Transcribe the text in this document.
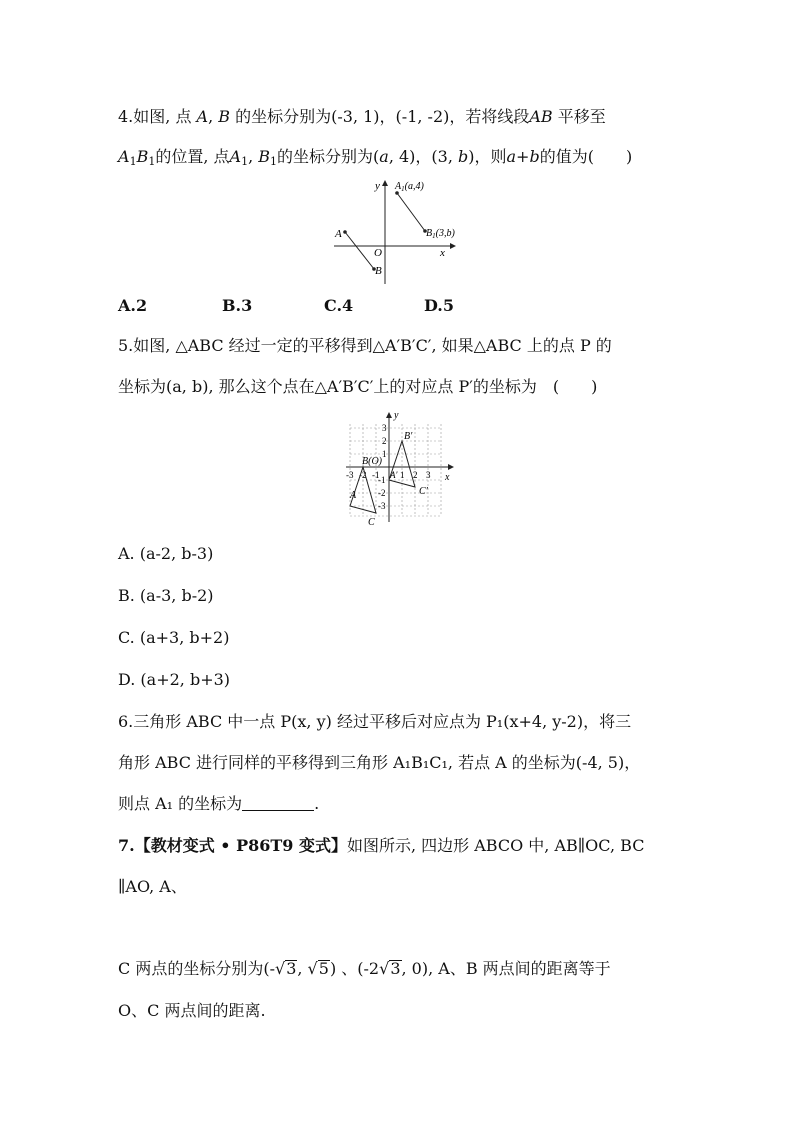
4.如图, 点 A, B 的坐标分别为(-3, 1)，(-1, -2)，若将线段AB 平移至
$A_1B_1$的位置, 点$A_1$, $B_1$的坐标分别为(a, 4)，(3, b)，则a+b的值为(　　)
y
x
O
A
B
$A_1(a,4)$
$B_1(3,b)$
A.2	B.3	C.4	D.5
5.如图, △ABC 经过一定的平移得到△A′B′C′, 如果△ABC 上的点 P 的
坐标为(a, b), 那么这个点在△A′B′C′上的对应点 P′的坐标为　(　　)
y
x
-3 -2 -1 1 2 3
3
2
1
-1
-2
-3
B(O)
A
C
A′
B′
C′
A. (a-2, b-3)
B. (a-3, b-2)
C. (a+3, b+2)
D. (a+2, b+3)
6.三角形 ABC 中一点 P(x, y) 经过平移后对应点为 P₁(x+4, y-2)，将三
角形 ABC 进行同样的平移得到三角形 A₁B₁C₁, 若点 A 的坐标为(-4, 5)，
则点 A₁ 的坐标为	.
7.【教材变式 • P86T9 变式】如图所示, 四边形 ABCO 中, AB∥OC, BC
∥AO, A、
C 两点的坐标分别为(-√3, √5) 、(-2√3, 0), A、B 两点间的距离等于
O、C 两点间的距离.
